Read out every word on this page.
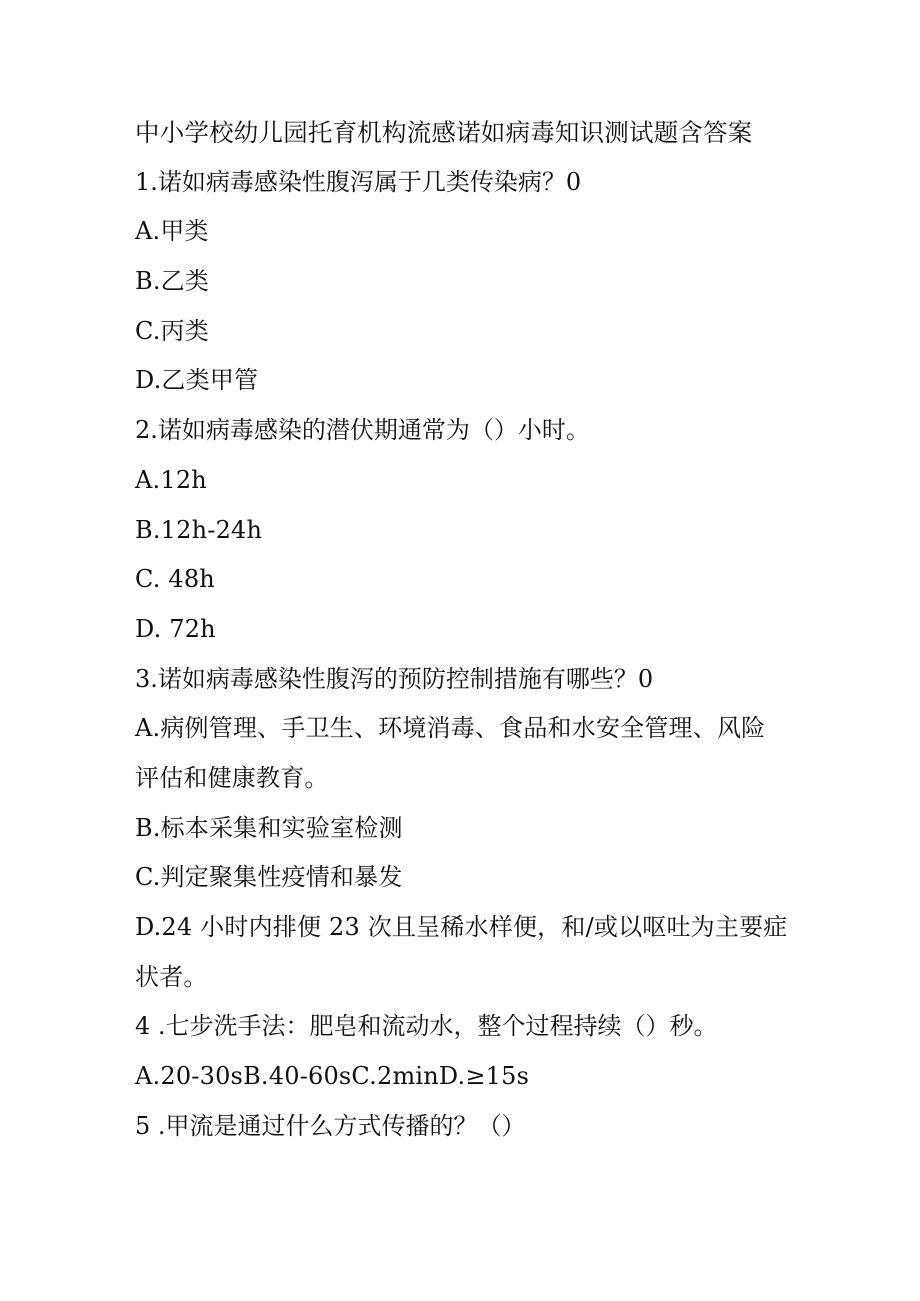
中小学校幼儿园托育机构流感诺如病毒知识测试题含答案

1.诺如病毒感染性腹泻属于几类传染病？0

A.甲类

B.乙类

C.丙类

D.乙类甲管

2.诺如病毒感染的潜伏期通常为（）小时。

A.12h

B.12h-24h

C. 48h

D. 72h

3.诺如病毒感染性腹泻的预防控制措施有哪些？0

A.病例管理、手卫生、环境消毒、食品和水安全管理、风险

评估和健康教育。

B.标本采集和实验室检测

C.判定聚集性疫情和暴发

D.24 小时内排便 23 次且呈稀水样便，和/或以呕吐为主要症

状者。

4 .七步洗手法：肥皂和流动水，整个过程持续（）秒。

A.20-30sB.40-60sC.2minD.≥15s

5 .甲流是通过什么方式传播的？（）
